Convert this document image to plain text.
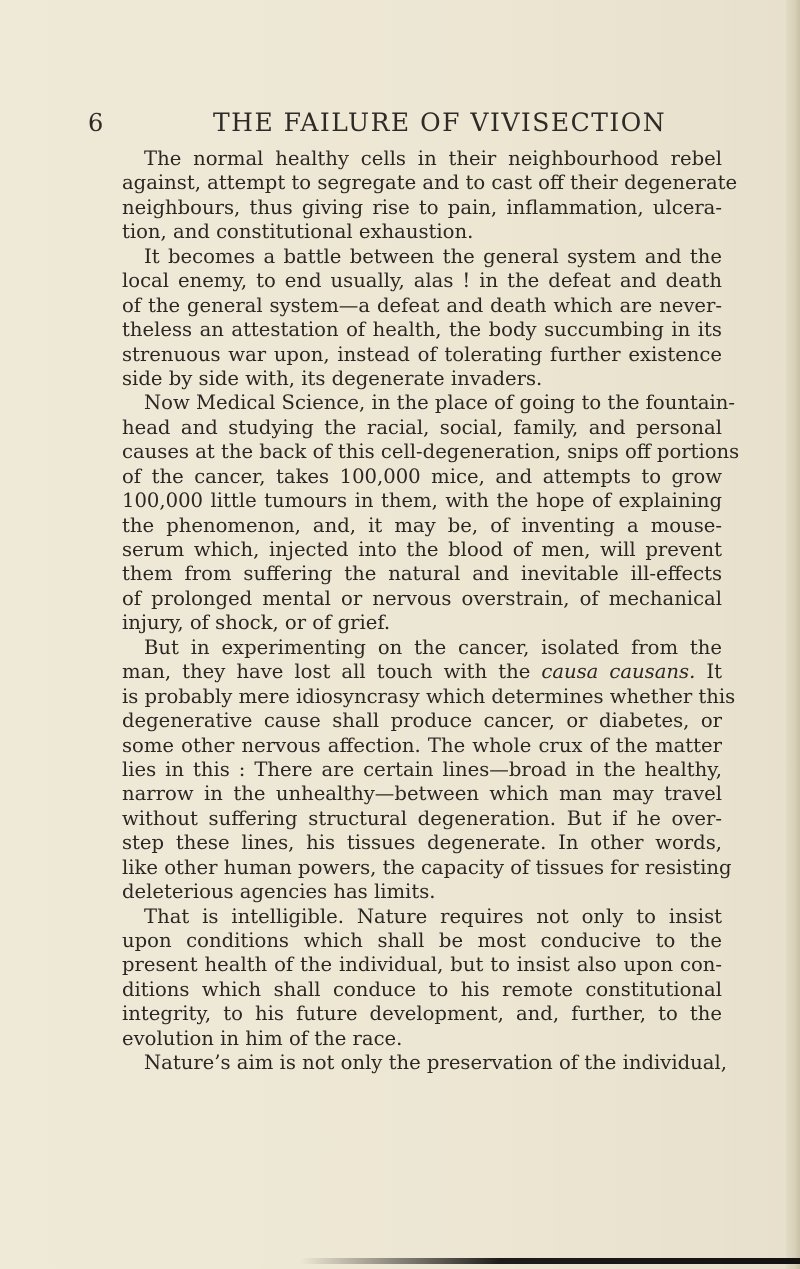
6	THE FAILURE OF VIVISECTION
The normal healthy cells in their neighbourhood rebel
against, attempt to segregate and to cast off their degenerate
neighbours, thus giving rise to pain, inflammation, ulcera-
tion, and constitutional exhaustion.
It becomes a battle between the general system and the
local enemy, to end usually, alas ! in the defeat and death
of the general system—a defeat and death which are never-
theless an attestation of health, the body succumbing in its
strenuous war upon, instead of tolerating further existence
side by side with, its degenerate invaders.
Now Medical Science, in the place of going to the fountain-
head and studying the racial, social, family, and personal
causes at the back of this cell-degeneration, snips off portions
of the cancer, takes 100,000 mice, and attempts to grow
100,000 little tumours in them, with the hope of explaining
the phenomenon, and, it may be, of inventing a mouse-
serum which, injected into the blood of men, will prevent
them from suffering the natural and inevitable ill-effects
of prolonged mental or nervous overstrain, of mechanical
injury, of shock, or of grief.
But in experimenting on the cancer, isolated from the
man, they have lost all touch with the causa causans. It
is probably mere idiosyncrasy which determines whether this
degenerative cause shall produce cancer, or diabetes, or
some other nervous affection. The whole crux of the matter
lies in this : There are certain lines—broad in the healthy,
narrow in the unhealthy—between which man may travel
without suffering structural degeneration. But if he over-
step these lines, his tissues degenerate. In other words,
like other human powers, the capacity of tissues for resisting
deleterious agencies has limits.
That is intelligible. Nature requires not only to insist
upon conditions which shall be most conducive to the
present health of the individual, but to insist also upon con-
ditions which shall conduce to his remote constitutional
integrity, to his future development, and, further, to the
evolution in him of the race.
Nature’s aim is not only the preservation of the individual,
